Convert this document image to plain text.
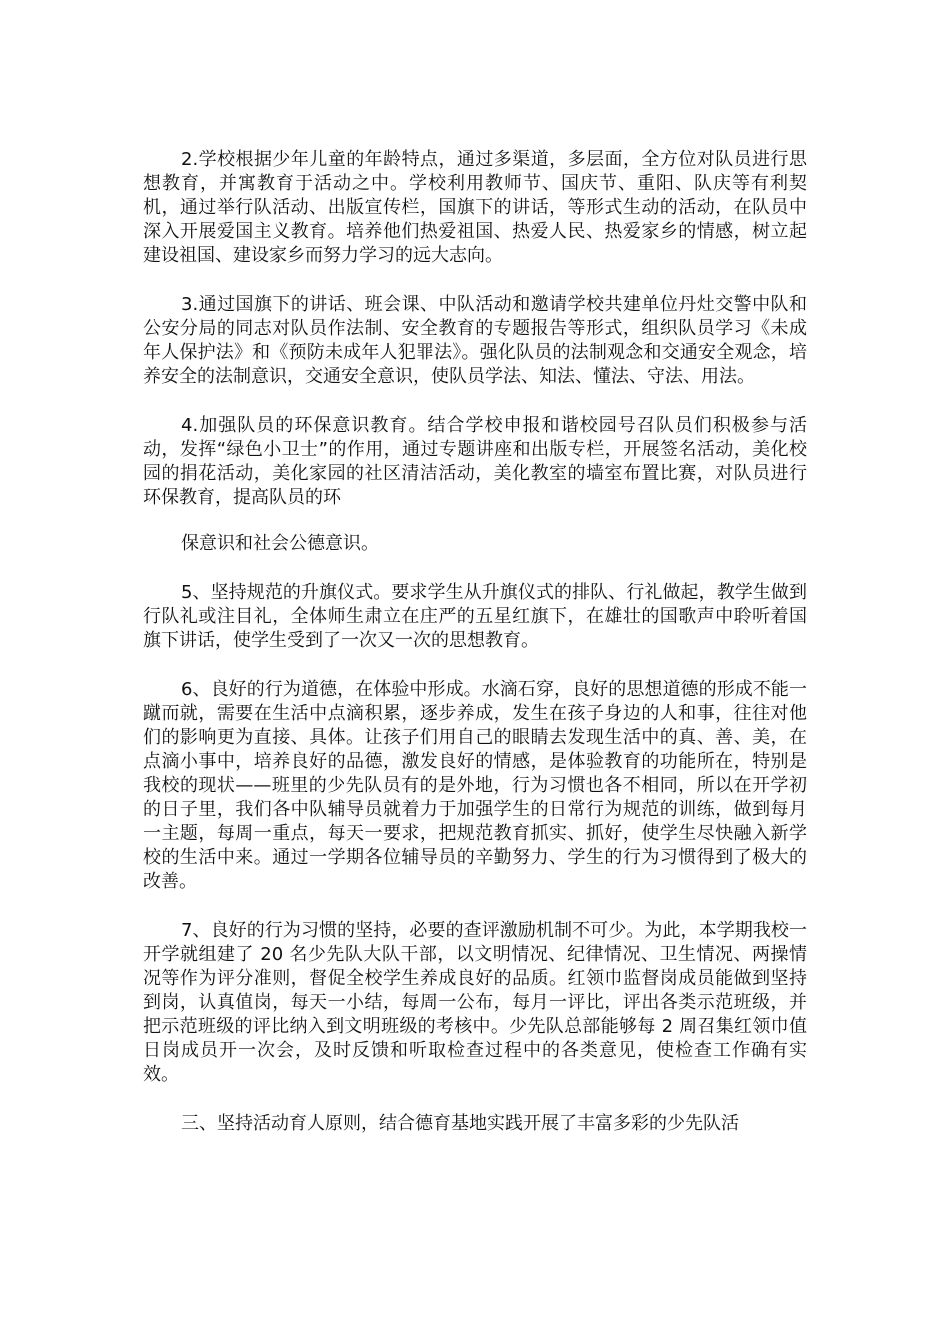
2.学校根据少年儿童的年龄特点，通过多渠道，多层面，全方位对队员进行思想教育，并寓教育于活动之中。学校利用教师节、国庆节、重阳、队庆等有利契机，通过举行队活动、出版宣传栏，国旗下的讲话，等形式生动的活动，在队员中深入开展爱国主义教育。培养他们热爱祖国、热爱人民、热爱家乡的情感，树立起建设祖国、建设家乡而努力学习的远大志向。

3.通过国旗下的讲话、班会课、中队活动和邀请学校共建单位丹灶交警中队和公安分局的同志对队员作法制、安全教育的专题报告等形式，组织队员学习《未成年人保护法》和《预防未成年人犯罪法》。强化队员的法制观念和交通安全观念，培养安全的法制意识，交通安全意识，使队员学法、知法、懂法、守法、用法。

4.加强队员的环保意识教育。结合学校申报和谐校园号召队员们积极参与活动，发挥“绿色小卫士”的作用，通过专题讲座和出版专栏，开展签名活动，美化校园的捐花活动，美化家园的社区清洁活动，美化教室的墙室布置比赛，对队员进行环保教育，提高队员的环

保意识和社会公德意识。

5、坚持规范的升旗仪式。要求学生从升旗仪式的排队、行礼做起，教学生做到行队礼或注目礼，全体师生肃立在庄严的五星红旗下，在雄壮的国歌声中聆听着国旗下讲话，使学生受到了一次又一次的思想教育。

6、良好的行为道德，在体验中形成。水滴石穿，良好的思想道德的形成不能一蹴而就，需要在生活中点滴积累，逐步养成，发生在孩子身边的人和事，往往对他们的影响更为直接、具体。让孩子们用自己的眼睛去发现生活中的真、善、美，在点滴小事中，培养良好的品德，激发良好的情感，是体验教育的功能所在，特别是我校的现状——班里的少先队员有的是外地，行为习惯也各不相同，所以在开学初的日子里，我们各中队辅导员就着力于加强学生的日常行为规范的训练，做到每月一主题，每周一重点，每天一要求，把规范教育抓实、抓好，使学生尽快融入新学校的生活中来。通过一学期各位辅导员的辛勤努力、学生的行为习惯得到了极大的改善。

7、良好的行为习惯的坚持，必要的查评激励机制不可少。为此，本学期我校一开学就组建了 20 名少先队大队干部，以文明情况、纪律情况、卫生情况、两操情况等作为评分准则，督促全校学生养成良好的品质。红领巾监督岗成员能做到坚持到岗，认真值岗，每天一小结，每周一公布，每月一评比，评出各类示范班级，并把示范班级的评比纳入到文明班级的考核中。少先队总部能够每 2 周召集红领巾值日岗成员开一次会，及时反馈和听取检查过程中的各类意见，使检查工作确有实效。

三、坚持活动育人原则，结合德育基地实践开展了丰富多彩的少先队活
